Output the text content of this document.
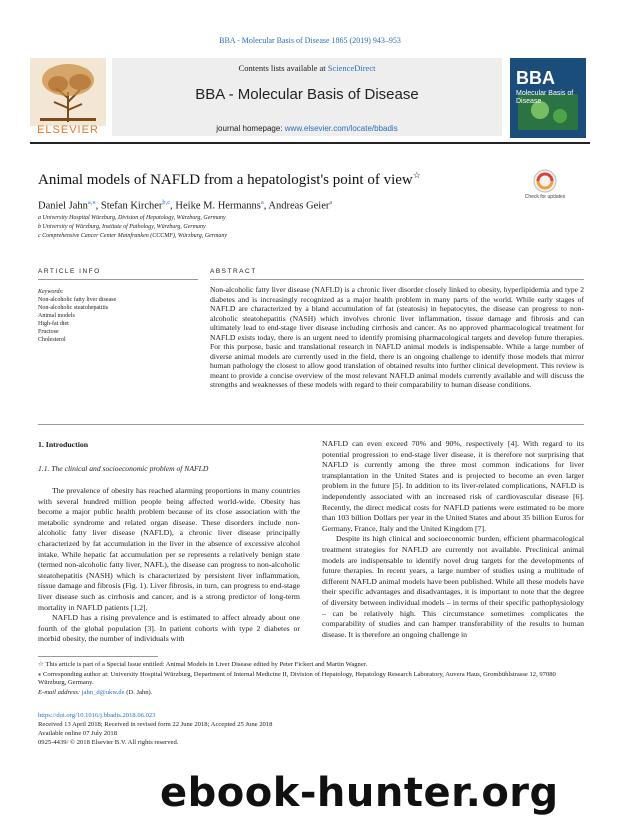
BBA - Molecular Basis of Disease 1865 (2019) 943–953
Contents lists available at ScienceDirect
BBA - Molecular Basis of Disease
journal homepage: www.elsevier.com/locate/bbadis
ELSEVIER
BBA
Molecular Basis of Disease
Animal models of NAFLD from a hepatologist's point of view☆
Check for updates
Daniel Jahn$^{a,⁎}$, Stefan Kircher$^{b,c}$, Heike M. Hermanns$^a$, Andreas Geier$^a$
a University Hospital Würzburg, Division of Hepatology, Würzburg, Germany
b University of Würzburg, Institute of Pathology, Würzburg, Germany
c Comprehensive Cancer Center Mainfranken (CCCMF), Würzburg, Germany
ARTICLE INFO	ABSTRACT
Keywords:
Non-alcoholic fatty liver disease
Non-alcoholic steatohepatitis
Animal models
High-fat diet
Fructose
Cholesterol
Non-alcoholic fatty liver disease (NAFLD) is a chronic liver disorder closely linked to obesity, hyperlipidemia and type 2 diabetes and is increasingly recognized as a major health problem in many parts of the world. While early stages of NAFLD are characterized by a bland accumulation of fat (steatosis) in hepatocytes, the disease can progress to non-alcoholic steatohepatitis (NASH) which involves chronic liver inflammation, tissue damage and fibrosis and can ultimately lead to end-stage liver disease including cirrhosis and cancer. As no approved pharmacological treatment for NAFLD exists today, there is an urgent need to identify promising pharmacological targets and develop future therapies. For this purpose, basic and translational research in NAFLD animal models is indispensable. While a large number of diverse animal models are currently used in the field, there is an ongoing challenge to identify those models that mirror human pathology the closest to allow good translation of obtained results into further clinical development. This review is meant to provide a concise overview of the most relevant NAFLD animal models currently available and will discuss the strengths and weaknesses of these models with regard to their comparability to human disease conditions.
1. Introduction
1.1. The clinical and socioeconomic problem of NAFLD

The prevalence of obesity has reached alarming proportions in many countries with several hundred million people being affected world-wide. Obesity has become a major public health problem because of its close association with the metabolic syndrome and related organ disease. These disorders include non-alcoholic fatty liver disease (NAFLD), a chronic liver disease principally characterized by fat accumulation in the liver in the absence of excessive alcohol intake. While hepatic fat accumulation per se represents a relatively benign state (termed non-alcoholic fatty liver, NAFL), the disease can progress to non-alcoholic steatohepatitis (NASH) which is characterized by persistent liver inflammation, tissue damage and fibrosis (Fig. 1). Liver fibrosis, in turn, can progress to end-stage liver disease such as cirrhosis and cancer, and is a strong predictor of long-term mortality in NAFLD patients [1,2].

NAFLD has a rising prevalence and is estimated to affect already about one fourth of the global population [3]. In patient cohorts with type 2 diabetes or morbid obesity, the number of individuals with

NAFLD can even exceed 70% and 90%, respectively [4]. With regard to its potential progression to end-stage liver disease, it is therefore not surprising that NAFLD is currently among the three most common indications for liver transplantation in the United States and is projected to become an even larger problem in the future [5]. In addition to its liver-related complications, NAFLD is independently associated with an increased risk of cardiovascular disease [6]. Recently, the direct medical costs for NAFLD patients were estimated to be more than 103 billion Dollars per year in the United States and about 35 billion Euros for Germany, France, Italy and the United Kingdom [7].

Despite its high clinical and socioeconomic burden, efficient pharmacological treatment strategies for NAFLD are currently not available. Preclinical animal models are indispensable to identify novel drug targets for the developments of future therapies. In recent years, a large number of studies using a multitude of different NAFLD animal models have been published. While all these models have their specific advantages and disadvantages, it is important to note that the degree of diversity between individual models – in terms of their specific pathophysiology – can be relatively high. This circumstance sometimes complicates the comparability of studies and can hamper transferability of the results to human disease. It is therefore an ongoing challenge in

☆ This article is part of a Special Issue entitled: Animal Models in Liver Disease edited by Peter Fickert and Martin Wagner.
⁎ Corresponding author at: University Hospital Würzburg, Department of Internal Medicine II, Division of Hepatology, Hepatology Research Laboratory, Auvera Haus, Grombühlstrasse 12, 97080 Würzburg, Germany.
E-mail address: jahn_d@ukw.de (D. Jahn).
https://doi.org/10.1016/j.bbadis.2018.06.023
Received 13 April 2018; Received in revised form 22 June 2018; Accepted 25 June 2018
Available online 07 July 2018
0925-4439/ © 2018 Elsevier B.V. All rights reserved.
ebook-hunter.org
